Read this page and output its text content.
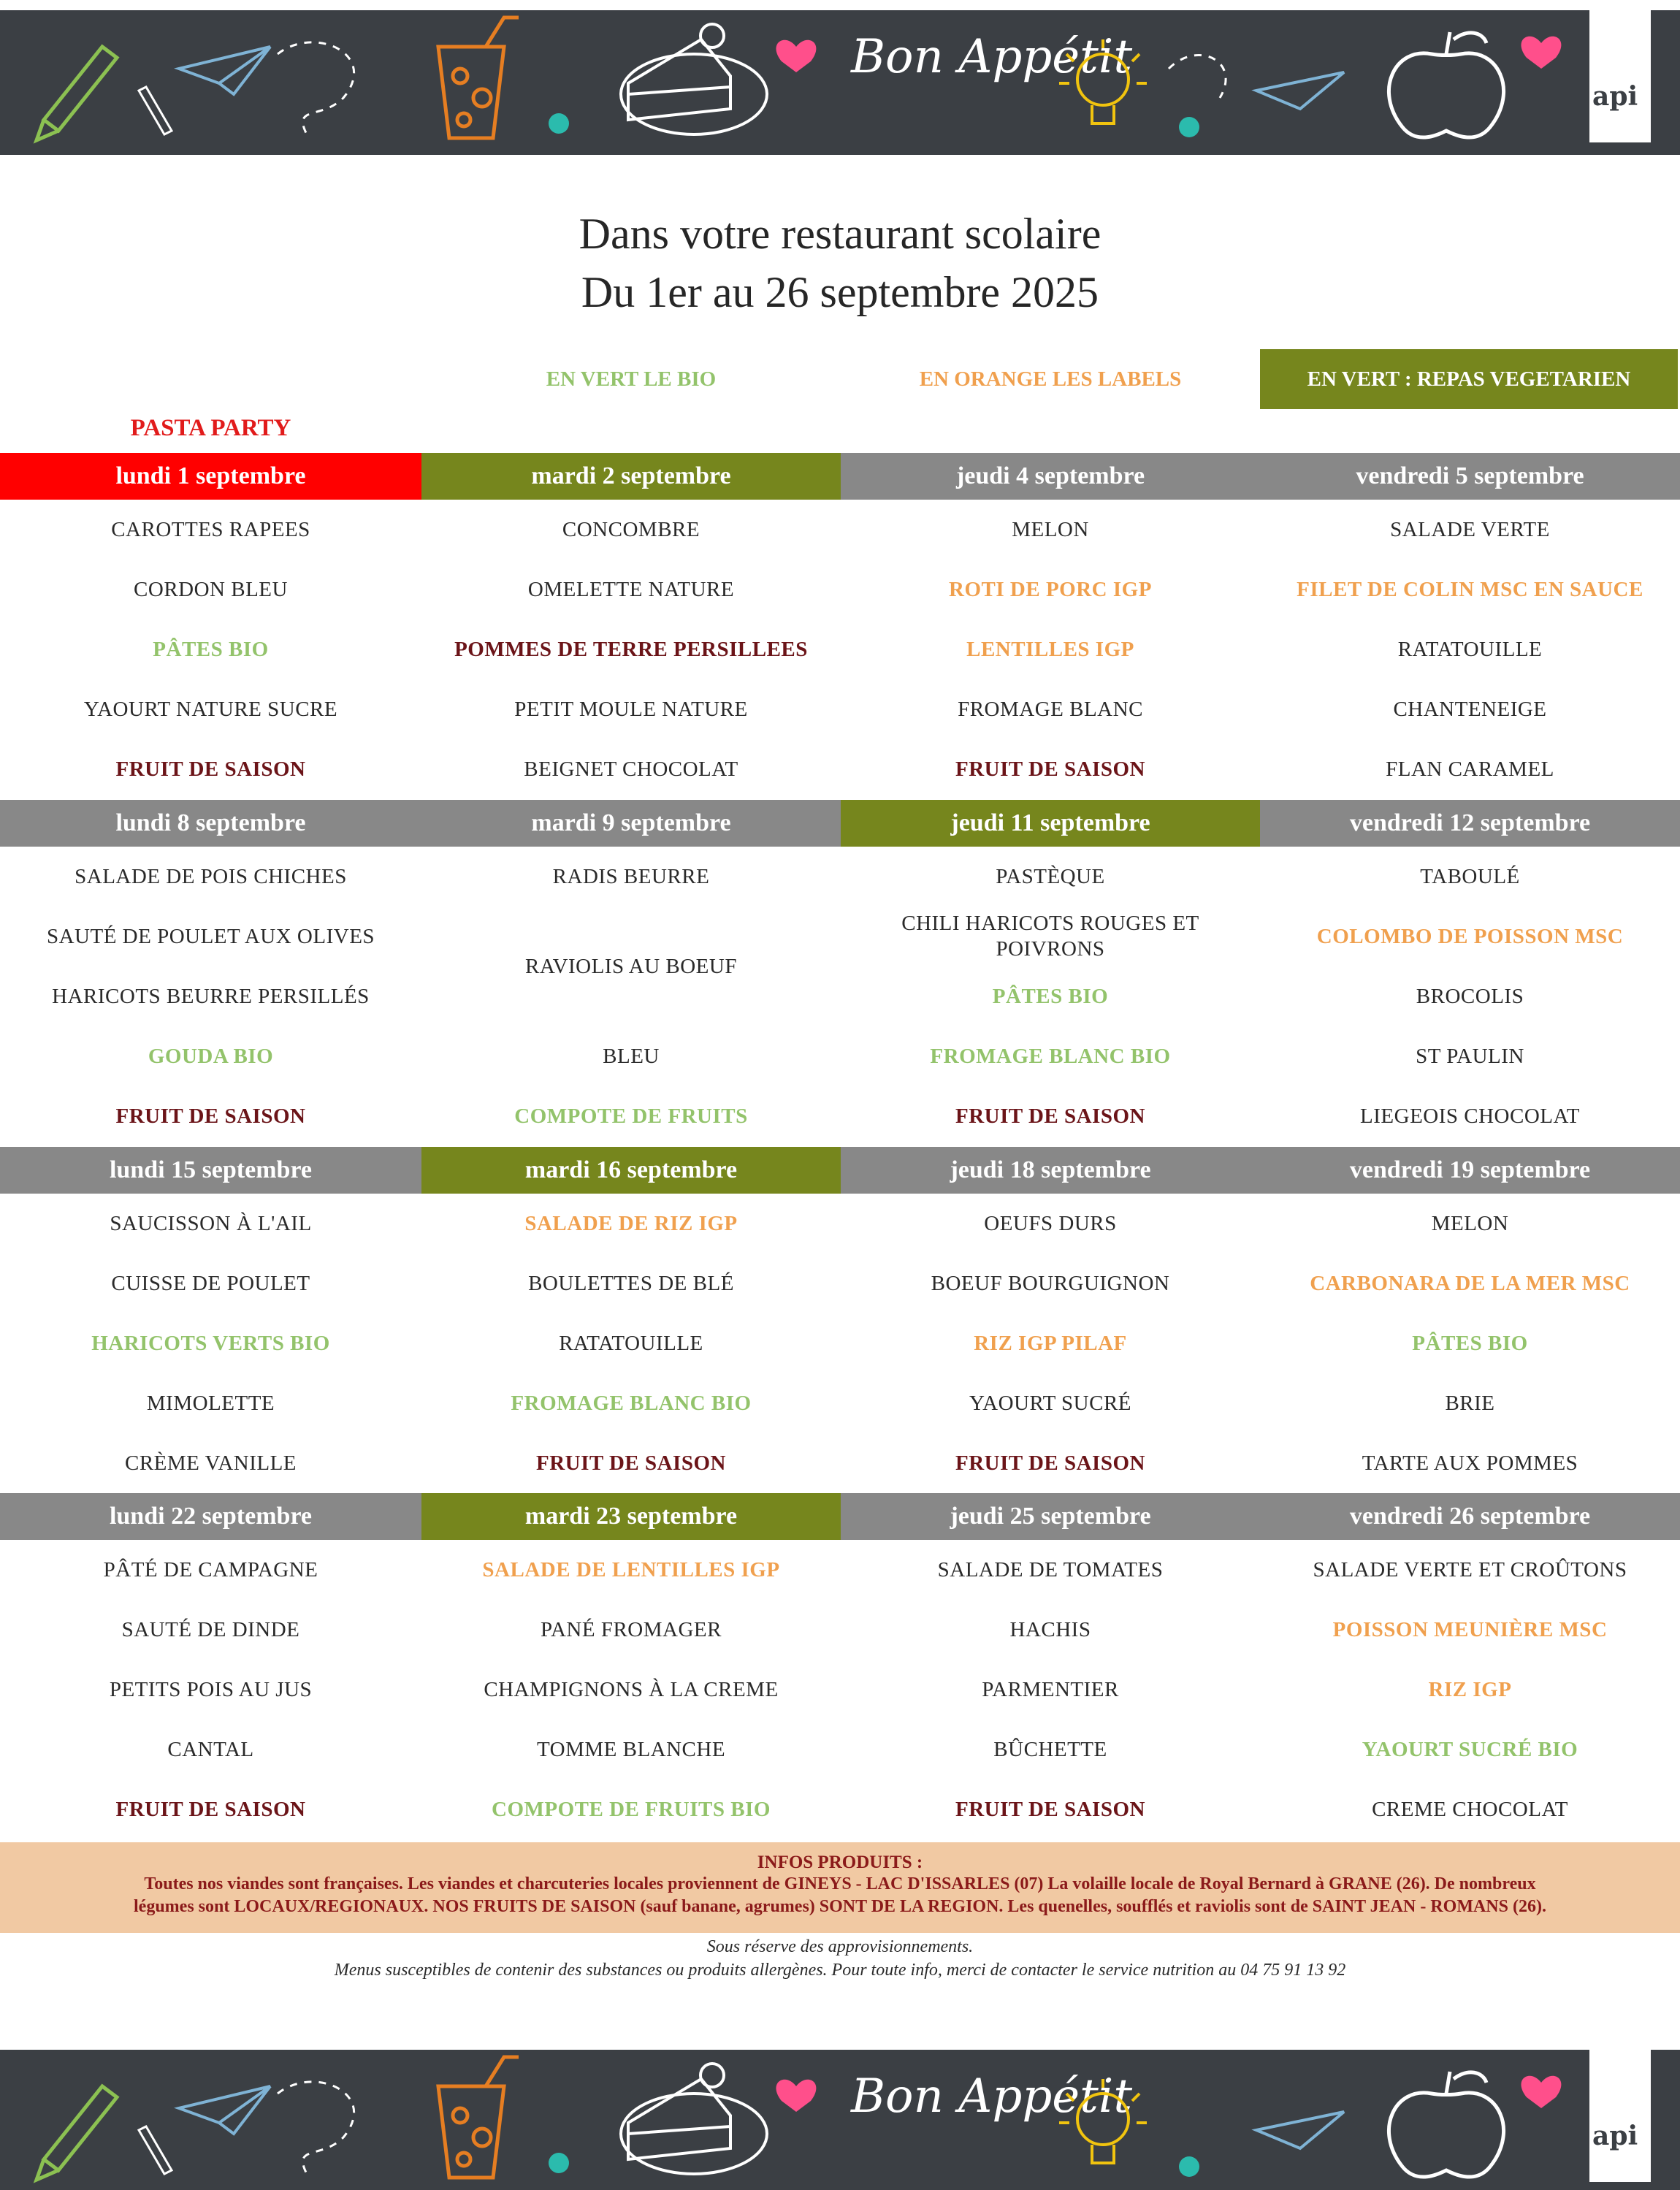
Bon Appétit
api
Dans votre restaurant scolaire
Du 1er au 26 septembre 2025
EN VERT LE BIO	EN ORANGE LES LABELS	EN VERT : REPAS VEGETARIEN
PASTA PARTY
lundi 1 septembre
CAROTTES RAPEES
CORDON BLEU
PÂTES BIO
YAOURT NATURE SUCRE
FRUIT DE SAISON
mardi 2 septembre
CONCOMBRE
OMELETTE NATURE
POMMES DE TERRE PERSILLEES
PETIT MOULE NATURE
BEIGNET CHOCOLAT
jeudi 4 septembre
MELON
ROTI DE PORC IGP
LENTILLES IGP
FROMAGE BLANC
FRUIT DE SAISON
vendredi 5 septembre
SALADE VERTE
FILET DE COLIN MSC EN SAUCE
RATATOUILLE
CHANTENEIGE
FLAN CARAMEL
lundi 8 septembre
SALADE DE POIS CHICHES
SAUTÉ DE POULET AUX OLIVES
HARICOTS BEURRE PERSILLÉS
GOUDA BIO
FRUIT DE SAISON
mardi 9 septembre
RADIS BEURRE
RAVIOLIS AU BOEUF
BLEU
COMPOTE DE FRUITS
jeudi 11 septembre
PASTÈQUE
CHILI HARICOTS ROUGES ET POIVRONS
PÂTES BIO
FROMAGE BLANC BIO
FRUIT DE SAISON
vendredi 12 septembre
TABOULÉ
COLOMBO DE POISSON MSC
BROCOLIS
ST PAULIN
LIEGEOIS CHOCOLAT
lundi 15 septembre
SAUCISSON À L'AIL
CUISSE DE POULET
HARICOTS VERTS BIO
MIMOLETTE
CRÈME VANILLE
mardi 16 septembre
SALADE DE RIZ IGP
BOULETTES DE BLÉ
RATATOUILLE
FROMAGE BLANC BIO
FRUIT DE SAISON
jeudi 18 septembre
OEUFS DURS
BOEUF BOURGUIGNON
RIZ IGP PILAF
YAOURT SUCRÉ
FRUIT DE SAISON
vendredi 19 septembre
MELON
CARBONARA DE LA MER MSC
PÂTES BIO
BRIE
TARTE AUX POMMES
lundi 22 septembre
PÂTÉ DE CAMPAGNE
SAUTÉ DE DINDE
PETITS POIS AU JUS
CANTAL
FRUIT DE SAISON
mardi 23 septembre
SALADE DE LENTILLES IGP
PANÉ FROMAGER
CHAMPIGNONS À LA CREME
TOMME BLANCHE
COMPOTE DE FRUITS BIO
jeudi 25 septembre
SALADE DE TOMATES
HACHIS
PARMENTIER
BÛCHETTE
FRUIT DE SAISON
vendredi 26 septembre
SALADE VERTE ET CROÛTONS
POISSON MEUNIÈRE MSC
RIZ IGP
YAOURT SUCRÉ BIO
CREME CHOCOLAT
INFOS PRODUITS :
Toutes nos viandes sont françaises. Les viandes et charcuteries locales proviennent de GINEYS - LAC D'ISSARLES (07) La volaille locale de Royal Bernard à GRANE (26). De nombreux
légumes sont LOCAUX/REGIONAUX. NOS FRUITS DE SAISON (sauf banane, agrumes) SONT DE LA REGION. Les quenelles, soufflés et raviolis sont de SAINT JEAN - ROMANS (26).
Sous réserve des approvisionnements.
Menus susceptibles de contenir des substances ou produits allergènes. Pour toute info, merci de contacter le service nutrition au 04 75 91 13 92
Bon Appétit
api
